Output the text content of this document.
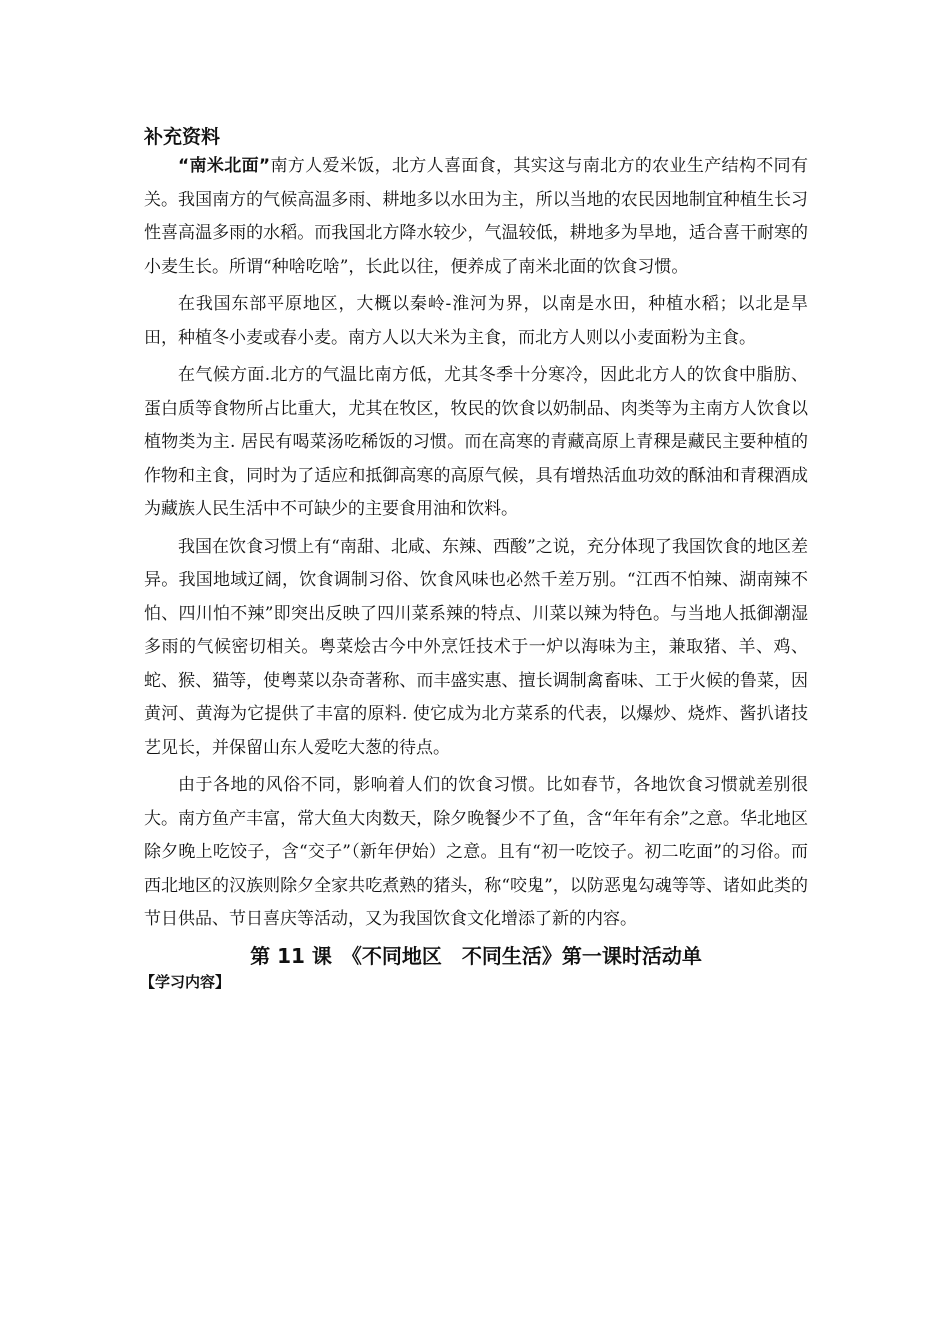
补充资料

“南米北面”南方人爱米饭，北方人喜面食，其实这与南北方的农业生产结构不同有关。我国南方的气候高温多雨、耕地多以水田为主，所以当地的农民因地制宜种植生长习性喜高温多雨的水稻。而我国北方降水较少，气温较低，耕地多为旱地，适合喜干耐寒的小麦生长。所谓“种啥吃啥”，长此以往，便养成了南米北面的饮食习惯。

在我国东部平原地区，大概以秦岭-淮河为界，以南是水田，种植水稻；以北是旱田，种植冬小麦或春小麦。南方人以大米为主食，而北方人则以小麦面粉为主食。

在气候方面.北方的气温比南方低，尤其冬季十分寒冷，因此北方人的饮食中脂肪、蛋白质等食物所占比重大，尤其在牧区，牧民的饮食以奶制品、肉类等为主南方人饮食以植物类为主. 居民有喝菜汤吃稀饭的习惯。而在高寒的青藏高原上青稞是藏民主要种植的作物和主食，同时为了适应和抵御高寒的高原气候，具有增热活血功效的酥油和青稞酒成为藏族人民生活中不可缺少的主要食用油和饮料。

我国在饮食习惯上有“南甜、北咸、东辣、西酸”之说，充分体现了我国饮食的地区差异。我国地域辽阔，饮食调制习俗、饮食风味也必然千差万别。“江西不怕辣、湖南辣不怕、四川怕不辣”即突出反映了四川菜系辣的特点、川菜以辣为特色。与当地人抵御潮湿多雨的气候密切相关。粤菜烩古今中外烹饪技术于一炉以海味为主，兼取猪、羊、鸡、蛇、猴、猫等，使粤菜以杂奇著称、而丰盛实惠、擅长调制禽畜味、工于火候的鲁菜，因黄河、黄海为它提供了丰富的原料. 使它成为北方菜系的代表，以爆炒、烧炸、酱扒诸技艺见长，并保留山东人爱吃大葱的待点。

由于各地的风俗不同，影响着人们的饮食习惯。比如春节，各地饮食习惯就差别很大。南方鱼产丰富，常大鱼大肉数天，除夕晚餐少不了鱼，含“年年有余”之意。华北地区除夕晚上吃饺子，含“交子”（新年伊始）之意。且有“初一吃饺子。初二吃面”的习俗。而西北地区的汉族则除夕全家共吃煮熟的猪头，称“咬鬼”，以防恶鬼勾魂等等、诸如此类的节日供品、节日喜庆等活动，又为我国饮食文化增添了新的内容。

第 11 课　《不同地区　不同生活》第一课时活动单
【学习内容】
